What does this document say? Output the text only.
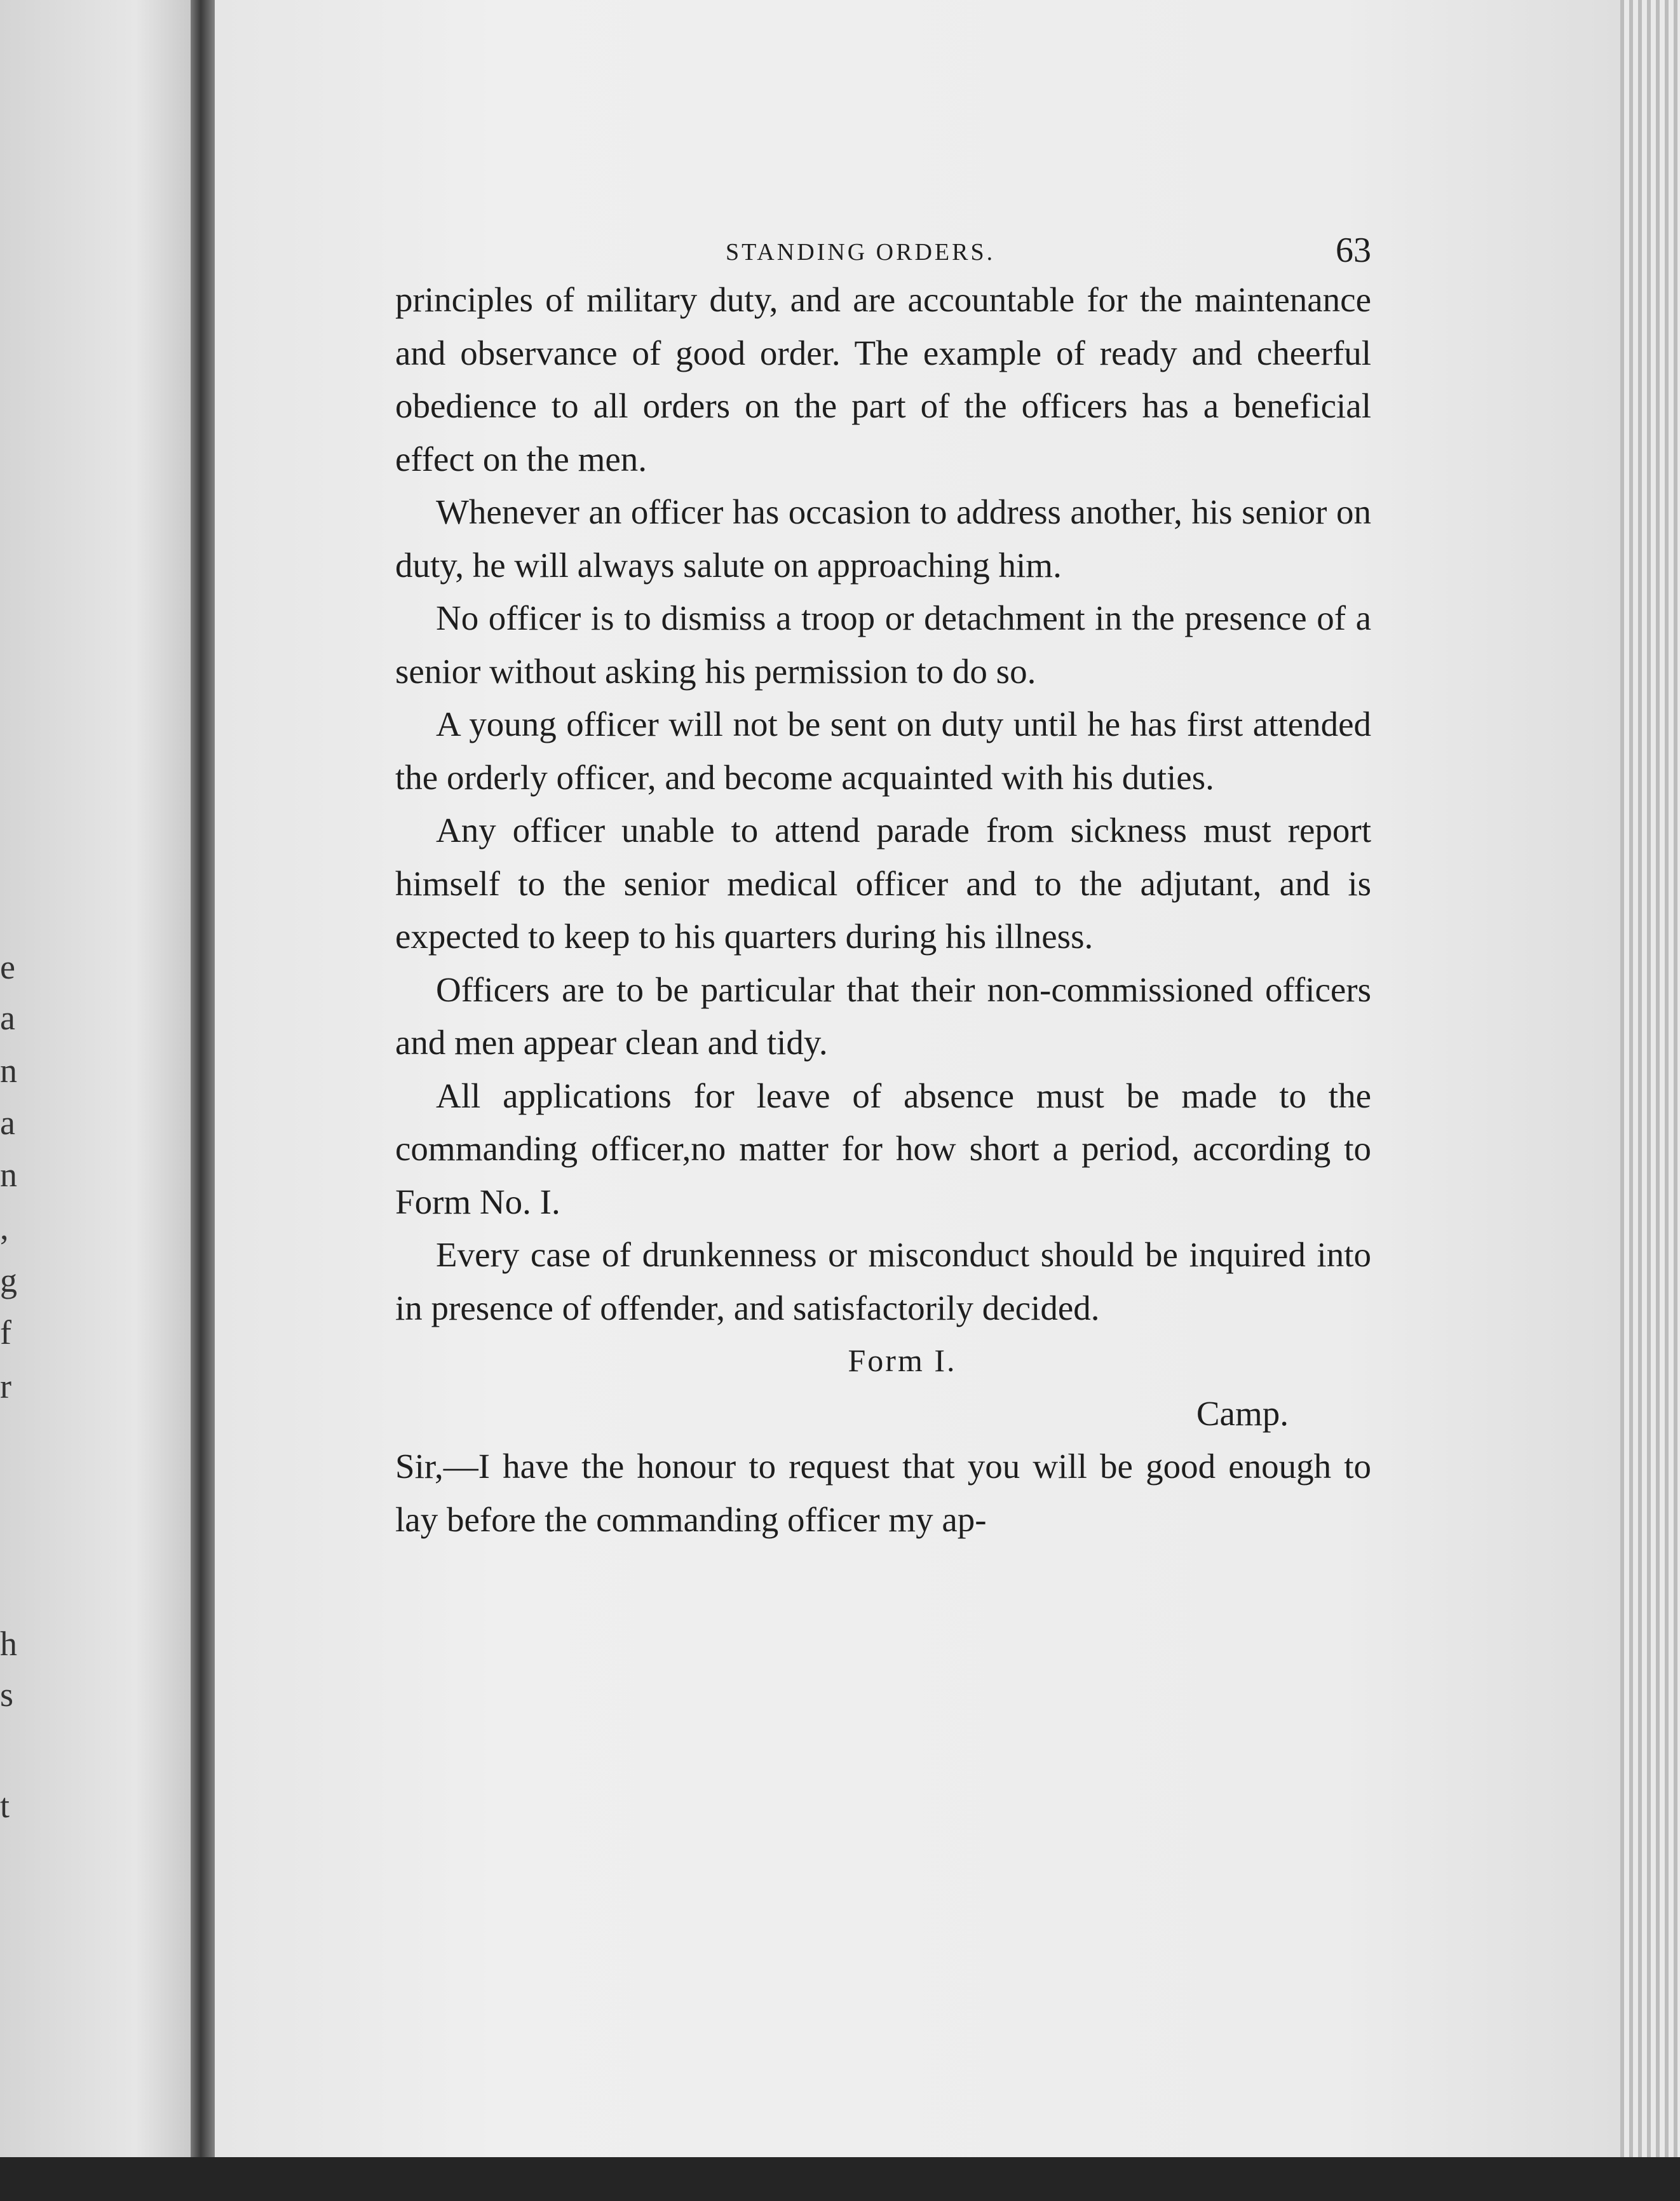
e
a
n
a
n
,
g
f
r
h
s
t
STANDING ORDERS.	63

principles of military duty, and are accountable for the maintenance and observance of good order. The example of ready and cheerful obedience to all orders on the part of the officers has a beneficial effect on the men.

Whenever an officer has occasion to address another, his senior on duty, he will always salute on approaching him.

No officer is to dismiss a troop or detachment in the presence of a senior without asking his permission to do so.

A young officer will not be sent on duty until he has first attended the orderly officer, and become acquainted with his duties.

Any officer unable to attend parade from sickness must report himself to the senior medical officer and to the adjutant, and is expected to keep to his quarters during his illness.

Officers are to be particular that their non-commissioned officers and men appear clean and tidy.

All applications for leave of absence must be made to the commanding officer,no matter for how short a period, according to Form No. I.

Every case of drunkenness or misconduct should be inquired into in presence of offender, and satisfactorily decided.

Form I.
Camp.

Sir,—I have the honour to request that you will be good enough to lay before the commanding officer my ap-
